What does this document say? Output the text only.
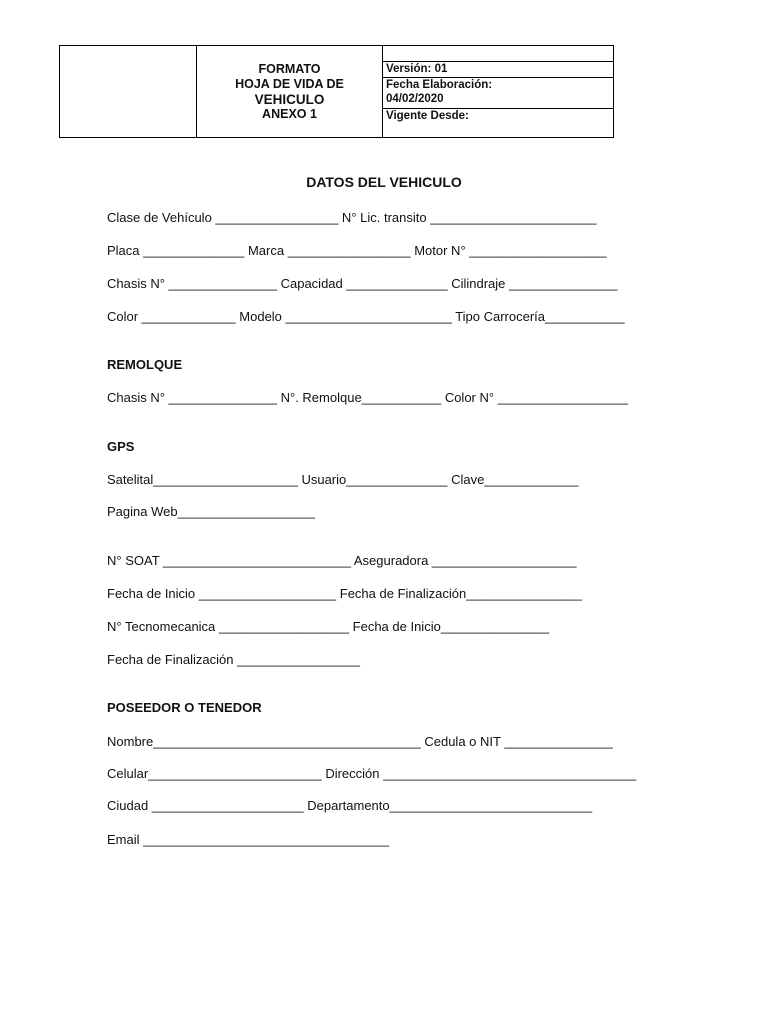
FORMATO
HOJA DE VIDA DE
VEHICULO
ANEXO 1
Versión: 01
Fecha Elaboración:
04/02/2020
Vigente Desde:
DATOS DEL VEHICULO
Clase de Vehículo _________________ N° Lic. transito _______________________
Placa ______________ Marca _________________ Motor N° ___________________
Chasis N° _______________ Capacidad ______________ Cilindraje _______________
Color _____________ Modelo _______________________ Tipo Carrocería___________
REMOLQUE
Chasis N° _______________ N°. Remolque___________ Color N° __________________
GPS
Satelital____________________ Usuario______________ Clave_____________
Pagina Web___________________
N° SOAT __________________________ Aseguradora ____________________
Fecha de Inicio ___________________ Fecha de Finalización________________
N° Tecnomecanica __________________ Fecha de Inicio_______________
Fecha de Finalización _________________
POSEEDOR O TENEDOR
Nombre_____________________________________ Cedula o NIT _______________
Celular________________________ Dirección ___________________________________
Ciudad _____________________ Departamento____________________________
Email __________________________________
